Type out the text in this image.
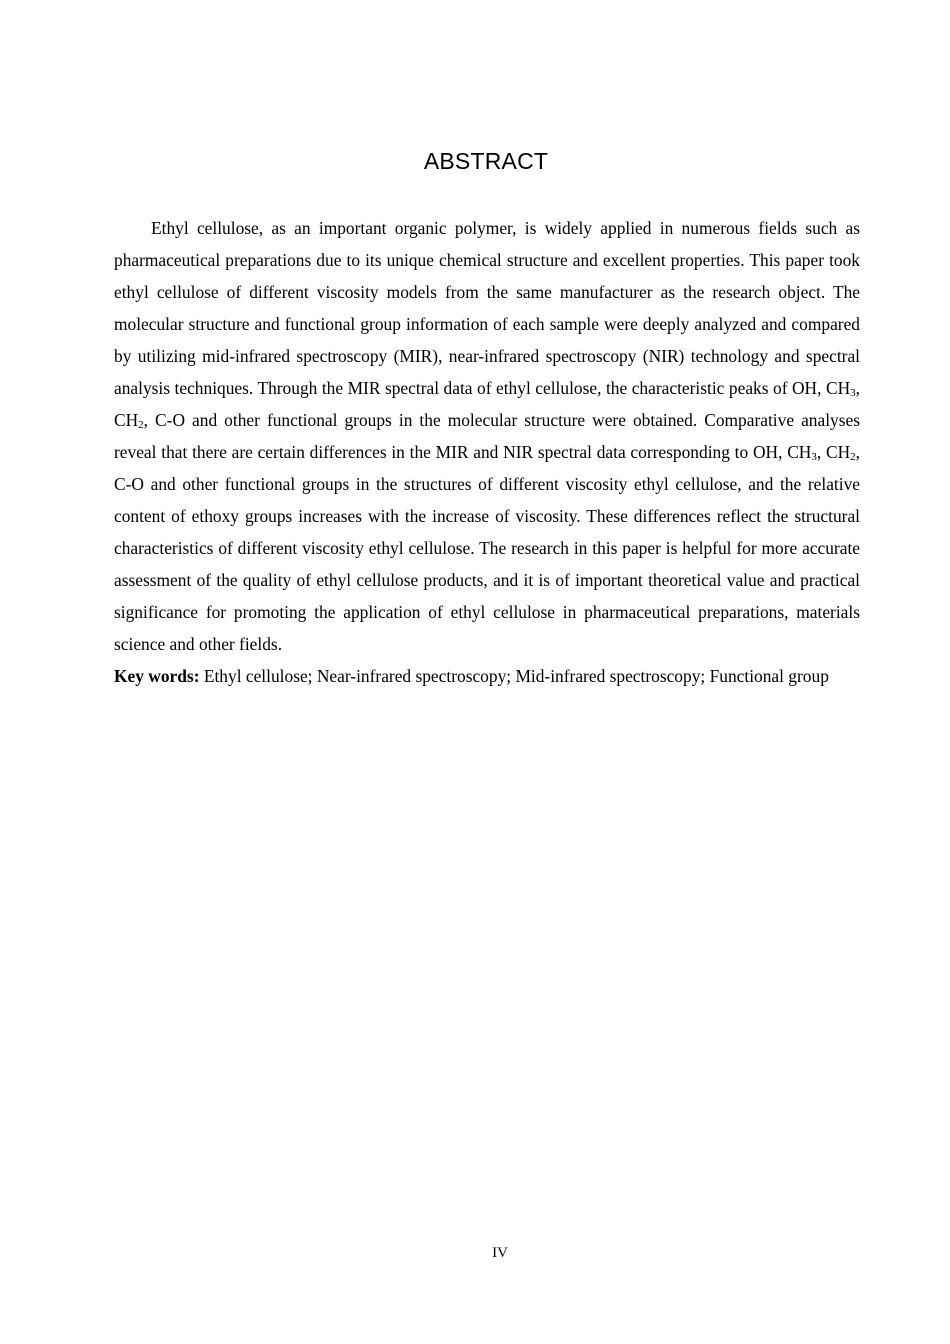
ABSTRACT

Ethyl cellulose, as an important organic polymer, is widely applied in numerous fields such as pharmaceutical preparations due to its unique chemical structure and excellent properties. This paper took ethyl cellulose of different viscosity models from the same manufacturer as the research object. The molecular structure and functional group information of each sample were deeply analyzed and compared by utilizing mid-infrared spectroscopy (MIR), near-infrared spectroscopy (NIR) technology and spectral analysis techniques. Through the MIR spectral data of ethyl cellulose, the characteristic peaks of OH, $CH_3$, $CH_2$, C-O and other functional groups in the molecular structure were obtained. Comparative analyses reveal that there are certain differences in the MIR and NIR spectral data corresponding to OH, $CH_3$, $CH_2$, C-O and other functional groups in the structures of different viscosity ethyl cellulose, and the relative content of ethoxy groups increases with the increase of viscosity. These differences reflect the structural characteristics of different viscosity ethyl cellulose. The research in this paper is helpful for more accurate assessment of the quality of ethyl cellulose products, and it is of important theoretical value and practical significance for promoting the application of ethyl cellulose in pharmaceutical preparations, materials science and other fields.

Key words: Ethyl cellulose; Near-infrared spectroscopy; Mid-infrared spectroscopy; Functional group

IV
